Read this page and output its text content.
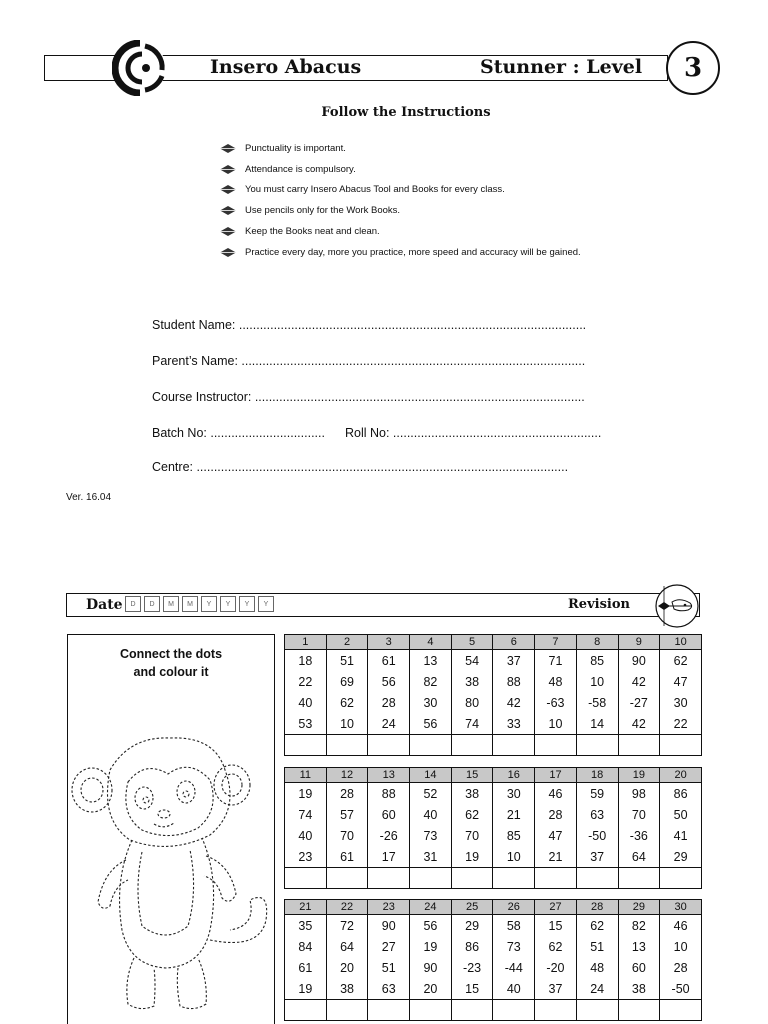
Insero Abacus	Stunner : Level	3
Follow the Instructions
Punctuality is important.
Attendance is compulsory.
You must carry Insero Abacus Tool and Books for every class.
Use pencils only for the Work Books.
Keep the Books neat and clean.
Practice every day, more you practice, more speed and accuracy will be gained.
Student Name: ....................................................................................................
Parent’s Name: ...................................................................................................
Course Instructor: ...............................................................................................
Batch No: ................................. Roll No: ............................................................
Centre: ...........................................................................................................
Ver. 16.04
Date	D	D	M	M	Y	Y	Y	Y	Revision
Connect the dots
and colour it
1	2	3	4	5	6	7	8	9	10
18	51	61	13	54	37	71	85	90	62
22	69	56	82	38	88	48	10	42	47
40	62	28	30	80	42	-63	-58	-27	30
53	10	24	56	74	33	10	14	42	22

11	12	13	14	15	16	17	18	19	20
19	28	88	52	38	30	46	59	98	86
74	57	60	40	62	21	28	63	70	50
40	70	-26	73	70	85	47	-50	-36	41
23	61	17	31	19	10	21	37	64	29

21	22	23	24	25	26	27	28	29	30
35	72	90	56	29	58	15	62	82	46
84	64	27	19	86	73	62	51	13	10
61	20	51	90	-23	-44	-20	48	60	28
19	38	63	20	15	40	37	24	38	-50
